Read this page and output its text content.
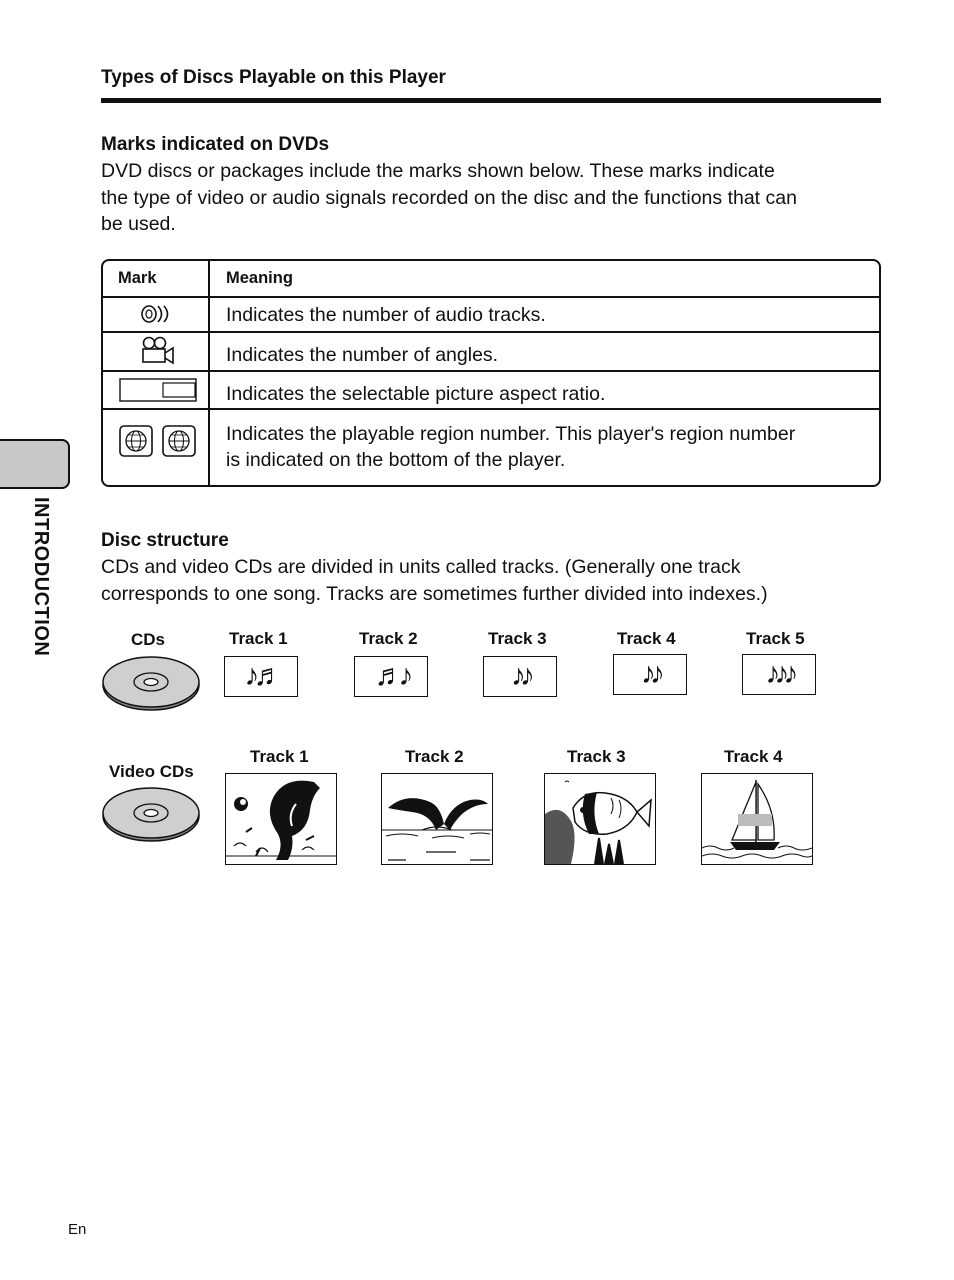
Types of Discs Playable on this Player
Marks indicated on DVDs
DVD discs or packages include the marks shown below. These marks indicate
the type of video or audio signals recorded on the disc and the functions that can
be used.
Mark	Meaning
Indicates the number of audio tracks.
Indicates the number of angles.
Indicates the selectable picture aspect ratio.
Indicates the playable region number. This player's region number
is indicated on the bottom of the player.
INTRODUCTION	Disc structure
CDs and video CDs are divided in units called tracks. (Generally one track
corresponds to one song. Tracks are sometimes further divided into indexes.)
CDs	Track 1
♪♬
Track 2
♬♪
Track 3
♪♪
Track 4
♪♪
Track 5
♪♪♪
Video CDs
Track 1	Track 2	Track 3	Track 4
En
